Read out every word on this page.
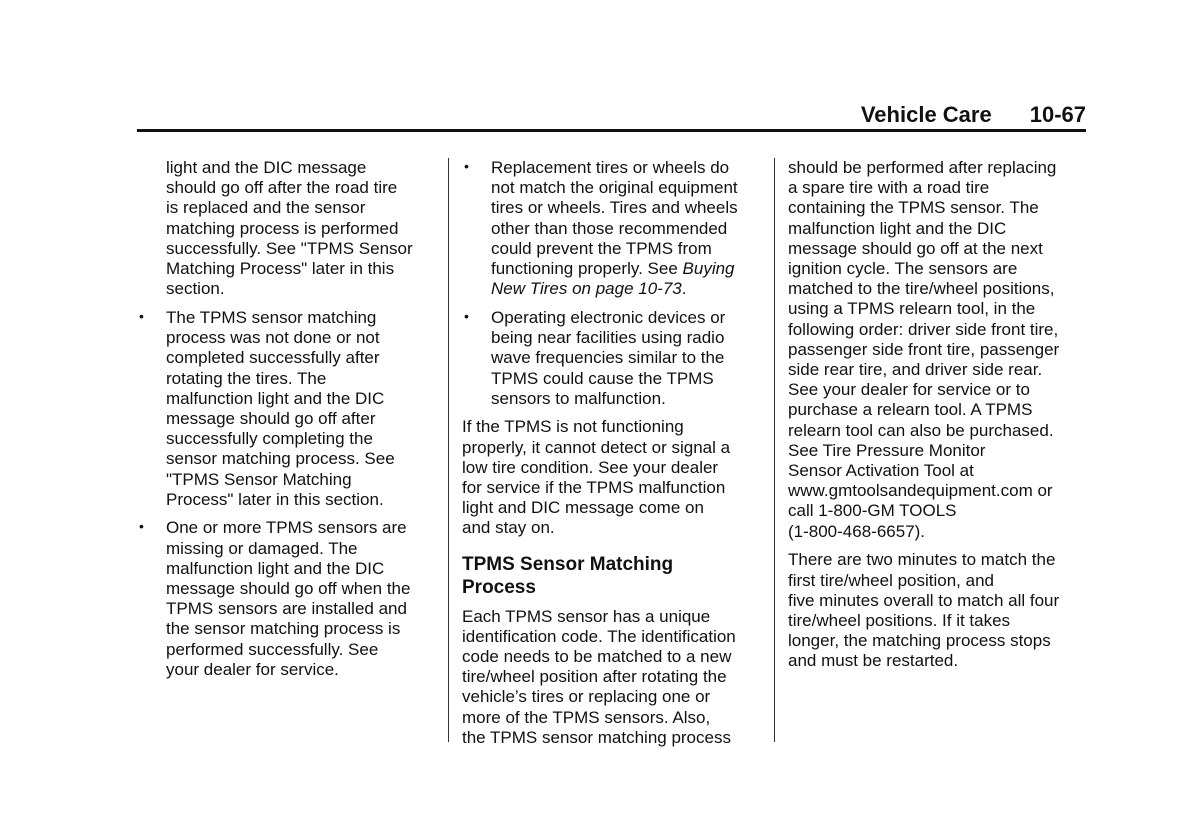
Vehicle Care 10-67

light and the DIC message
should go off after the road tire
is replaced and the sensor
matching process is performed
successfully. See "TPMS Sensor
Matching Process" later in this
section.

• The TPMS sensor matching
process was not done or not
completed successfully after
rotating the tires. The
malfunction light and the DIC
message should go off after
successfully completing the
sensor matching process. See
"TPMS Sensor Matching
Process" later in this section.
• One or more TPMS sensors are
missing or damaged. The
malfunction light and the DIC
message should go off when the
TPMS sensors are installed and
the sensor matching process is
performed successfully. See
your dealer for service.
• Replacement tires or wheels do
not match the original equipment
tires or wheels. Tires and wheels
other than those recommended
could prevent the TPMS from
functioning properly. See Buying
New Tires on page 10-73.
• Operating electronic devices or
being near facilities using radio
wave frequencies similar to the
TPMS could cause the TPMS
sensors to malfunction.

If the TPMS is not functioning
properly, it cannot detect or signal a
low tire condition. See your dealer
for service if the TPMS malfunction
light and DIC message come on
and stay on.

TPMS Sensor Matching
Process

Each TPMS sensor has a unique
identification code. The identification
code needs to be matched to a new
tire/wheel position after rotating the
vehicle’s tires or replacing one or
more of the TPMS sensors. Also,
the TPMS sensor matching process

should be performed after replacing
a spare tire with a road tire
containing the TPMS sensor. The
malfunction light and the DIC
message should go off at the next
ignition cycle. The sensors are
matched to the tire/wheel positions,
using a TPMS relearn tool, in the
following order: driver side front tire,
passenger side front tire, passenger
side rear tire, and driver side rear.
See your dealer for service or to
purchase a relearn tool. A TPMS
relearn tool can also be purchased.
See Tire Pressure Monitor
Sensor Activation Tool at
www.gmtoolsandequipment.com or
call 1-800-GM TOOLS
(1-800-468-6657).

There are two minutes to match the
first tire/wheel position, and
five minutes overall to match all four
tire/wheel positions. If it takes
longer, the matching process stops
and must be restarted.
